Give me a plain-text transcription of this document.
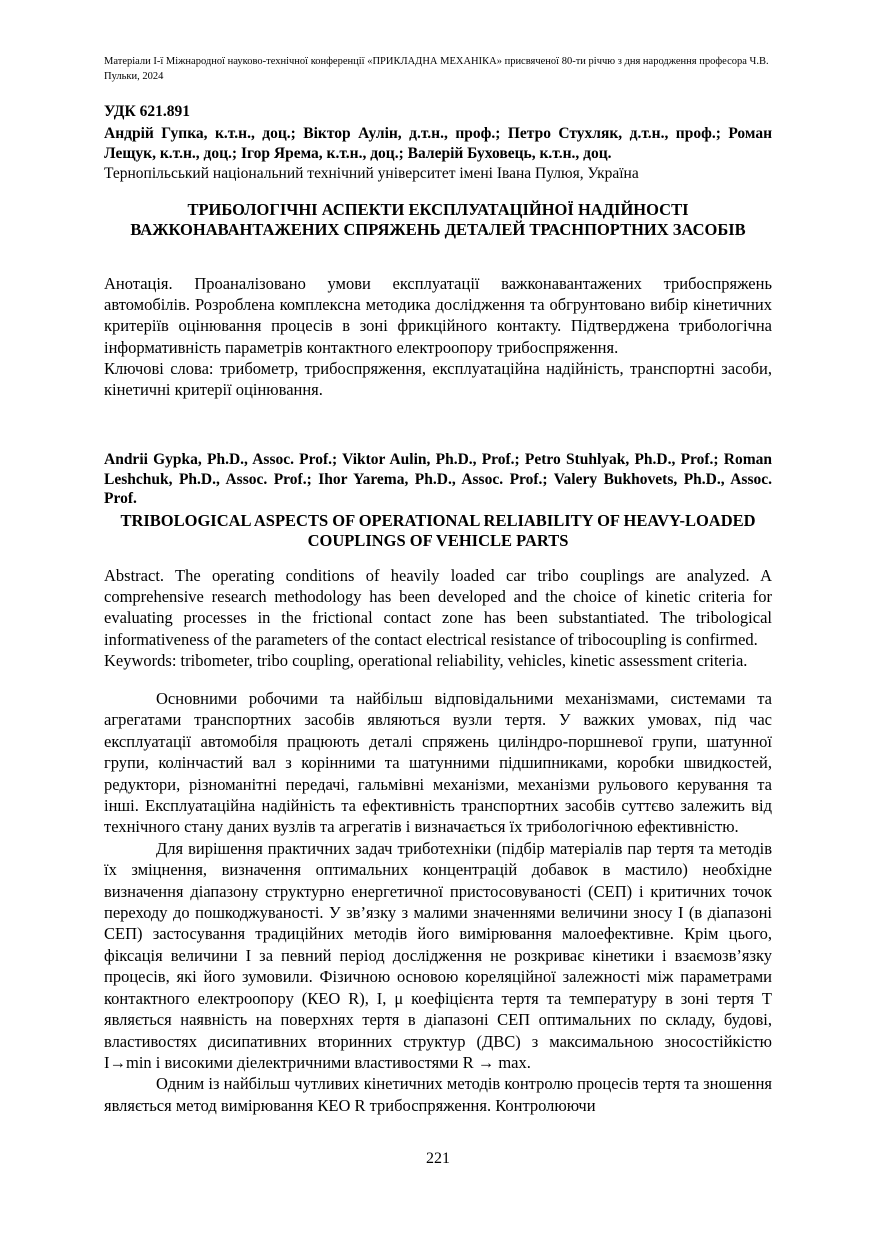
Матеріали I-ї Міжнародної науково-технічної конференції «ПРИКЛАДНА МЕХАНІКА» присвяченої 80-ти річчю з дня народження професора Ч.В. Пульки, 2024
УДК 621.891
Андрій Гупка, к.т.н., доц.; Віктор Аулін, д.т.н., проф.; Петро Стухляк, д.т.н., проф.; Роман Лещук, к.т.н., доц.; Ігор Ярема, к.т.н., доц.; Валерій Буховець, к.т.н., доц.
Тернопільський національний технічний університет імені Івана Пулюя, Україна
ТРИБОЛОГІЧНІ АСПЕКТИ ЕКСПЛУАТАЦІЙНОЇ НАДІЙНОСТІ ВАЖКОНАВАНТАЖЕНИХ СПРЯЖЕНЬ ДЕТАЛЕЙ ТРАСНПОРТНИХ ЗАСОБІВ

Анотація. Проаналізовано умови експлуатації важконавантажених трибоспряжень автомобілів. Розроблена комплексна методика дослідження та обгрунтовано вибір кінетичних критеріїв оцінювання процесів в зоні фрикційного контакту. Підтверджена трибологічна інформативність параметрів контактного електроопору трибоспряження.

Ключові слова: трибометр, трибоспряження, експлуатаційна надійність, транспортні засоби, кінетичні критерії оцінювання.

Andrii Gypka, Ph.D., Assoc. Prof.; Viktor Aulin, Ph.D., Prof.; Petro Stuhlyak, Ph.D., Prof.; Roman Leshchuk, Ph.D., Assoc. Prof.; Ihor Yarema, Ph.D., Assoc. Prof.; Valery Bukhovets, Ph.D., Assoc. Prof.
TRIBOLOGICAL ASPECTS OF OPERATIONAL RELIABILITY OF HEAVY-LOADED COUPLINGS OF VEHICLE PARTS

Abstract. The operating conditions of heavily loaded car tribo couplings are analyzed. A comprehensive research methodology has been developed and the choice of kinetic criteria for evaluating processes in the frictional contact zone has been substantiated. The tribological informativeness of the parameters of the contact electrical resistance of tribocoupling is confirmed.

Keywords: tribometer, tribo coupling, operational reliability, vehicles, kinetic assessment criteria.

Основними робочими та найбільш відповідальними механізмами, системами та агрегатами транспортних засобів являються вузли тертя. У важких умовах, під час експлуатації автомобіля працюють деталі спряжень циліндро-поршневої групи, шатунної групи, колінчастий вал з корінними та шатунними підшипниками, коробки швидкостей, редуктори, різноманітні передачі, гальмівні механізми, механізми рульового керування та інші. Експлуатаційна надійність та ефективність транспортних засобів суттєво залежить від технічного стану даних вузлів та агрегатів і визначається їх трибологічною ефективністю.

Для вирішення практичних задач триботехніки (підбір матеріалів пар тертя та методів їх зміцнення, визначення оптимальних концентрацій добавок в мастило) необхідне визначення діапазону структурно енергетичної пристосовуваності (СЕП) і критичних точок переходу до пошкоджуваності. У зв’язку з малими значеннями величини зносу I (в діапазоні СЕП) застосування традиційних методів його вимірювання малоефективне. Крім цього, фіксація величини I за певний період дослідження не розкриває кінетики і взаємозв’язку процесів, які його зумовили. Фізичною основою кореляційної залежності між параметрами контактного електроопору (КЕО R), I, μ коефіцієнта тертя та температуру в зоні тертя T являється наявність на поверхнях тертя в діапазоні СЕП оптимальних по складу, будові, властивостях дисипативних вторинних структур (ДВС) з максимальною зносостійкістю I→min і високими діелектричними властивостями R → max.

Одним із найбільш чутливих кінетичних методів контролю процесів тертя та зношення являється метод вимірювання КЕО R трибоспряження. Контролюючи

221
